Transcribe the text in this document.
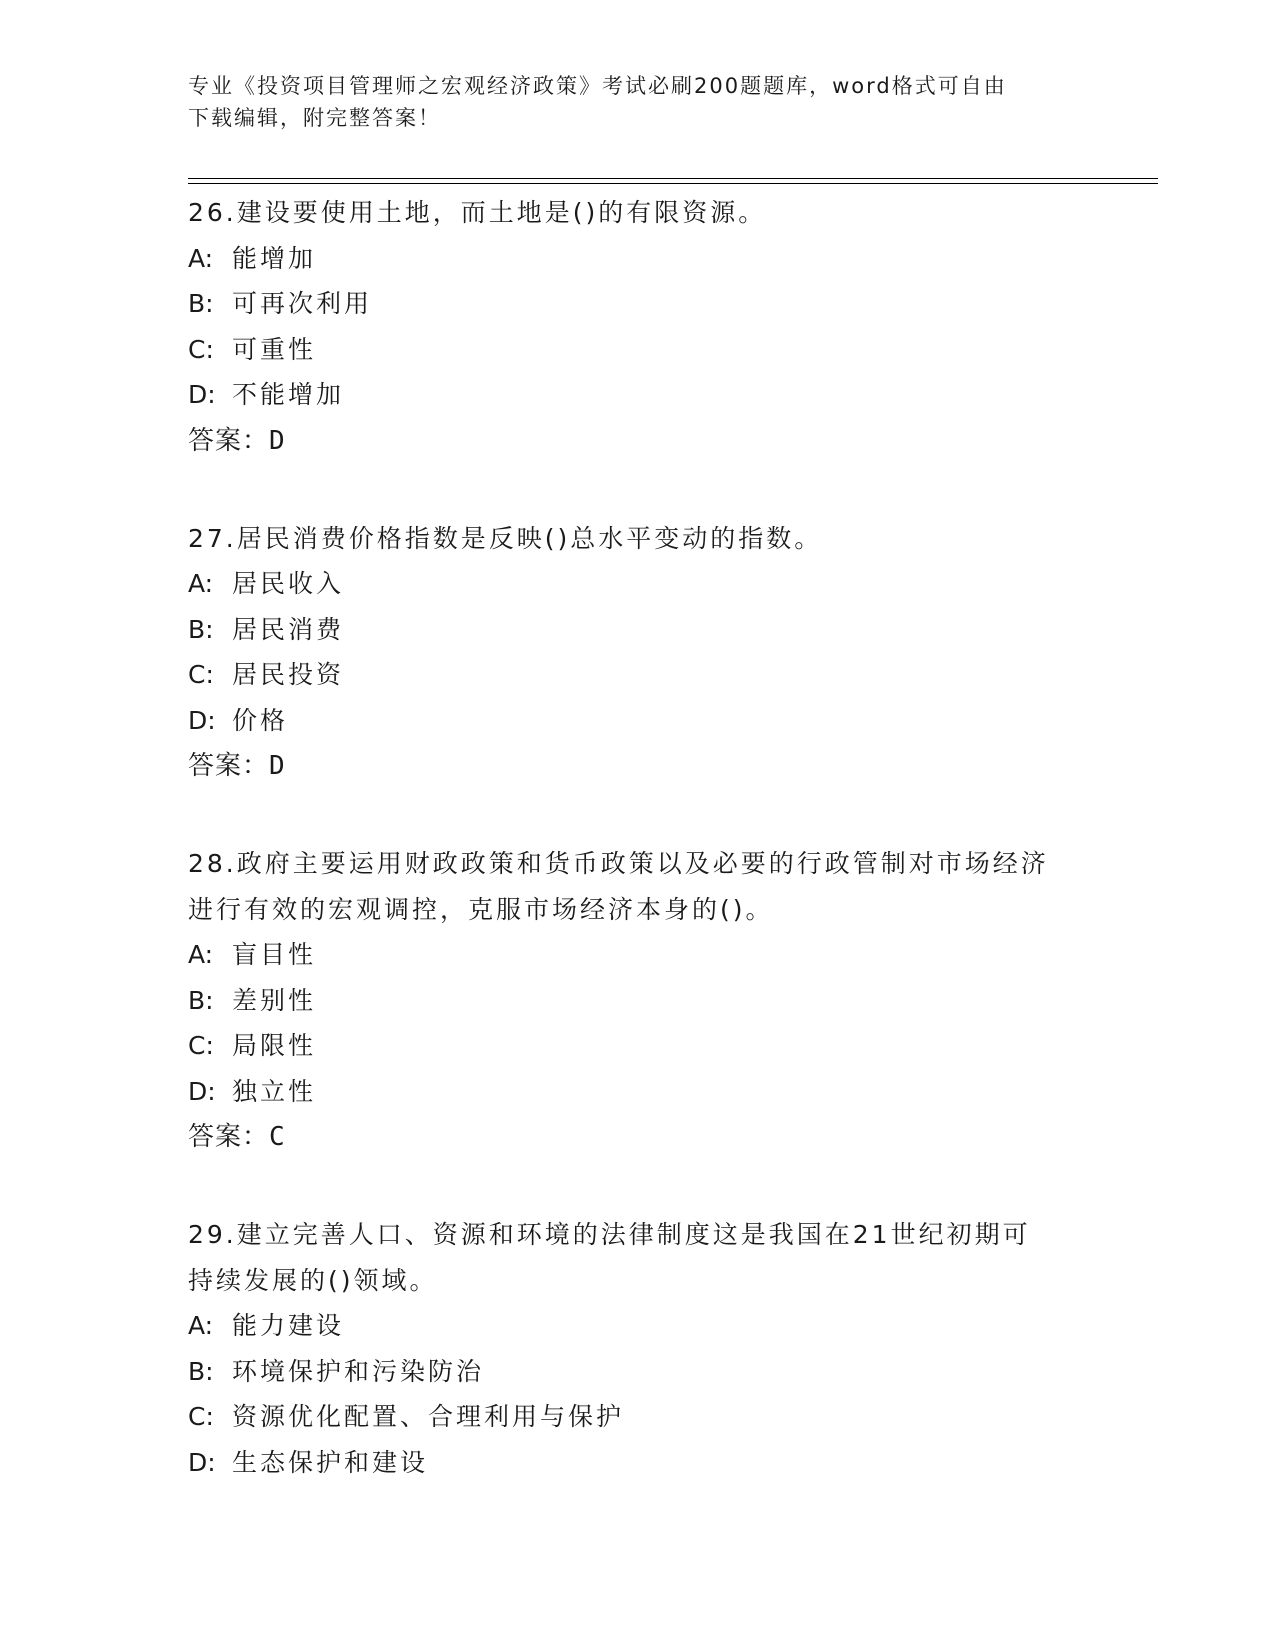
专业《投资项目管理师之宏观经济政策》考试必刷200题题库，word格式可自由
下载编辑，附完整答案！
26.建设要使用土地，而土地是()的有限资源。
A: 能增加
B: 可再次利用
C: 可重性
D: 不能增加
答案：D
27.居民消费价格指数是反映()总水平变动的指数。
A: 居民收入
B: 居民消费
C: 居民投资
D: 价格
答案：D
28.政府主要运用财政政策和货币政策以及必要的行政管制对市场经济
进行有效的宏观调控，克服市场经济本身的()。
A: 盲目性
B: 差别性
C: 局限性
D: 独立性
答案：C
29.建立完善人口、资源和环境的法律制度这是我国在21世纪初期可
持续发展的()领域。
A: 能力建设
B: 环境保护和污染防治
C: 资源优化配置、合理利用与保护
D: 生态保护和建设
